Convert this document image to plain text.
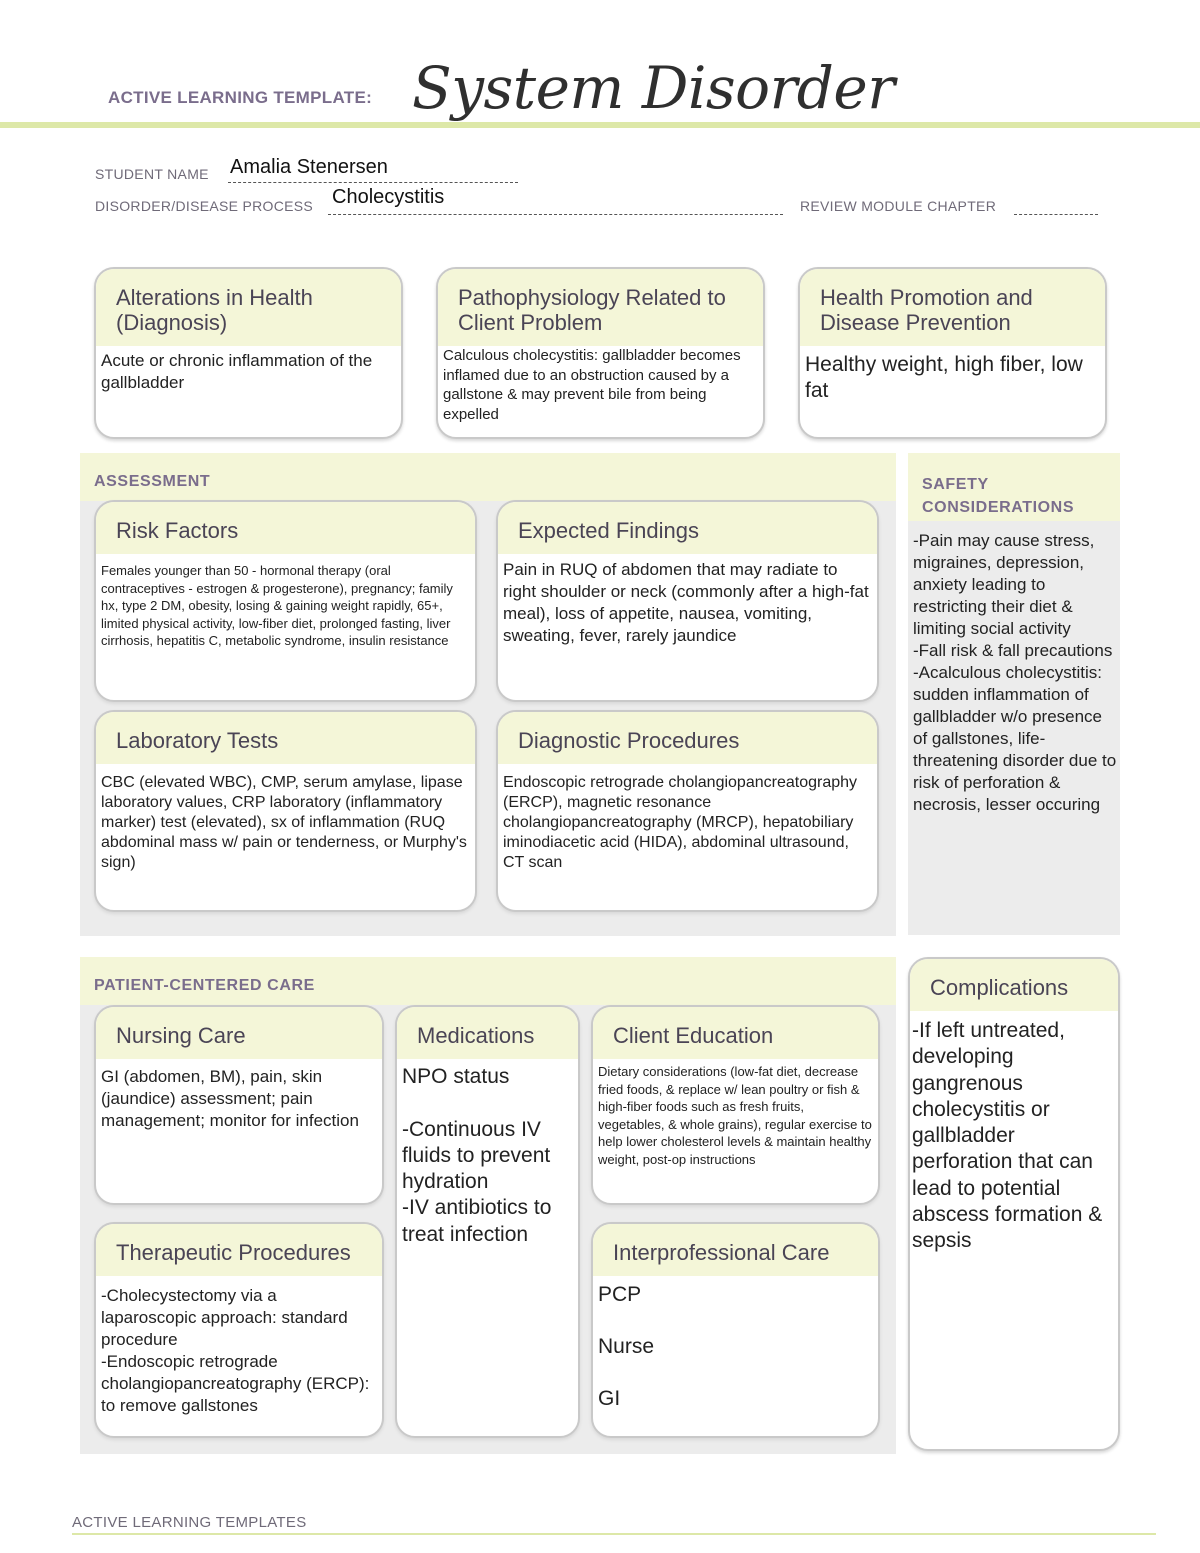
ACTIVE LEARNING TEMPLATE: System Disorder
STUDENT NAME Amalia Stenersen
DISORDER/DISEASE PROCESS Cholecystitis	REVIEW MODULE CHAPTER
Alterations in Health (Diagnosis)
Acute or chronic inflammation of the gallbladder
Pathophysiology Related to Client Problem
Calculous cholecystitis: gallbladder becomes inflamed due to an obstruction caused by a gallstone & may prevent bile from being expelled
Health Promotion and Disease Prevention
Healthy weight, high fiber, low fat
ASSESSMENT
Risk Factors
Females younger than 50 - hormonal therapy (oral contraceptives - estrogen & progesterone), pregnancy; family hx, type 2 DM, obesity, losing & gaining weight rapidly, 65+, limited physical activity, low-fiber diet, prolonged fasting, liver cirrhosis, hepatitis C, metabolic syndrome, insulin resistance
Expected Findings
Pain in RUQ of abdomen that may radiate to right shoulder or neck (commonly after a high-fat meal), loss of appetite, nausea, vomiting, sweating, fever, rarely jaundice
Laboratory Tests
CBC (elevated WBC), CMP, serum amylase, lipase laboratory values, CRP laboratory (inflammatory marker) test (elevated), sx of inflammation (RUQ abdominal mass w/ pain or tenderness, or Murphy's sign)
Diagnostic Procedures
Endoscopic retrograde cholangiopancreatography (ERCP), magnetic resonance cholangiopancreatography (MRCP), hepatobiliary iminodiacetic acid (HIDA), abdominal ultrasound, CT scan
SAFETY CONSIDERATIONS
-Pain may cause stress, migraines, depression, anxiety leading to restricting their diet & limiting social activity
-Fall risk & fall precautions
-Acalculous cholecystitis: sudden inflammation of gallbladder w/o presence of gallstones, life-threatening disorder due to risk of perforation & necrosis, lesser occuring
PATIENT-CENTERED CARE
Nursing Care
GI (abdomen, BM), pain, skin (jaundice) assessment; pain management; monitor for infection
Medications
NPO status

-Continuous IV fluids to prevent hydration
-IV antibiotics to treat infection
Client Education
Dietary considerations (low-fat diet, decrease fried foods, & replace w/ lean poultry or fish & high-fiber foods such as fresh fruits, vegetables, & whole grains), regular exercise to help lower cholesterol levels & maintain healthy weight, post-op instructions
Therapeutic Procedures
-Cholecystectomy via a laparoscopic approach: standard procedure
-Endoscopic retrograde cholangiopancreatography (ERCP): to remove gallstones
Interprofessional Care
PCP

Nurse

GI
Complications
-If left untreated, developing gangrenous cholecystitis or gallbladder perforation that can lead to potential abscess formation & sepsis
ACTIVE LEARNING TEMPLATES
